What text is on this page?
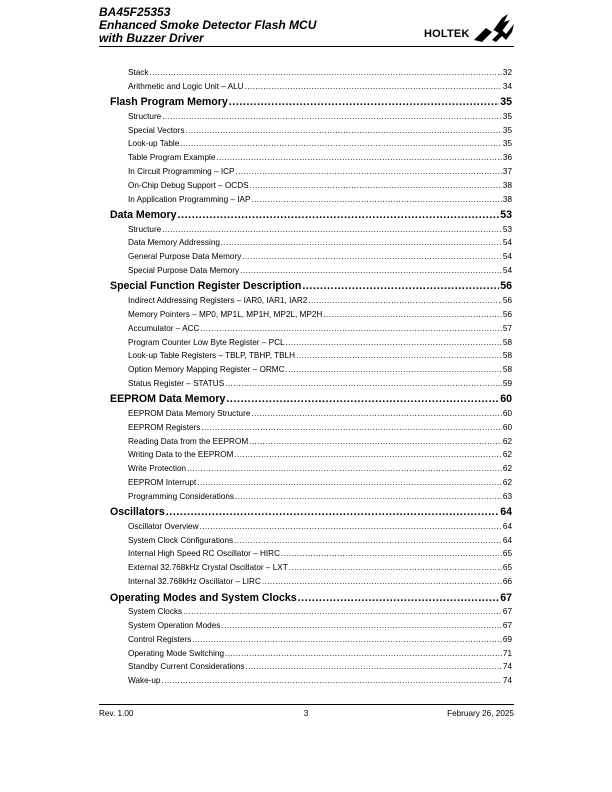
BA45F25353
Enhanced Smoke Detector Flash MCU
with Buzzer Driver	HOLTEK
Stack .....	32
Arithmetic and Logic Unit – ALU .....	34
Flash Program Memory .....	35
Structure .....	35
Special Vectors .....	35
Look-up Table .....	35
Table Program Example .....	36
In Circuit Programming – ICP .....	37
On-Chip Debug Support – OCDS .....	38
In Application Programming – IAP .....	38
Data Memory .....	53
Structure .....	53
Data Memory Addressing .....	54
General Purpose Data Memory .....	54
Special Purpose Data Memory .....	54
Special Function Register Description .....	56
Indirect Addressing Registers – IAR0, IAR1, IAR2 .....	56
Memory Pointers – MP0, MP1L, MP1H, MP2L, MP2H .....	56
Accumulator – ACC .....	57
Program Counter Low Byte Register – PCL .....	58
Look-up Table Registers – TBLP, TBHP, TBLH .....	58
Option Memory Mapping Register – ORMC .....	58
Status Register – STATUS .....	59
EEPROM Data Memory .....	60
EEPROM Data Memory Structure .....	60
EEPROM Registers .....	60
Reading Data from the EEPROM .....	62
Writing Data to the EEPROM .....	62
Write Protection .....	62
EEPROM Interrupt .....	62
Programming Considerations .....	63
Oscillators .....	64
Oscillator Overview .....	64
System Clock Configurations .....	64
Internal High Speed RC Oscillator – HIRC .....	65
External 32.768kHz Crystal Oscillator – LXT .....	65
Internal 32.768kHz Oscillator – LIRC .....	66
Operating Modes and System Clocks .....	67
System Clocks .....	67
System Operation Modes .....	67
Control Registers .....	69
Operating Mode Switching .....	71
Standby Current Considerations .....	74
Wake-up .....	74
Rev. 1.00	3	February 26, 2025
